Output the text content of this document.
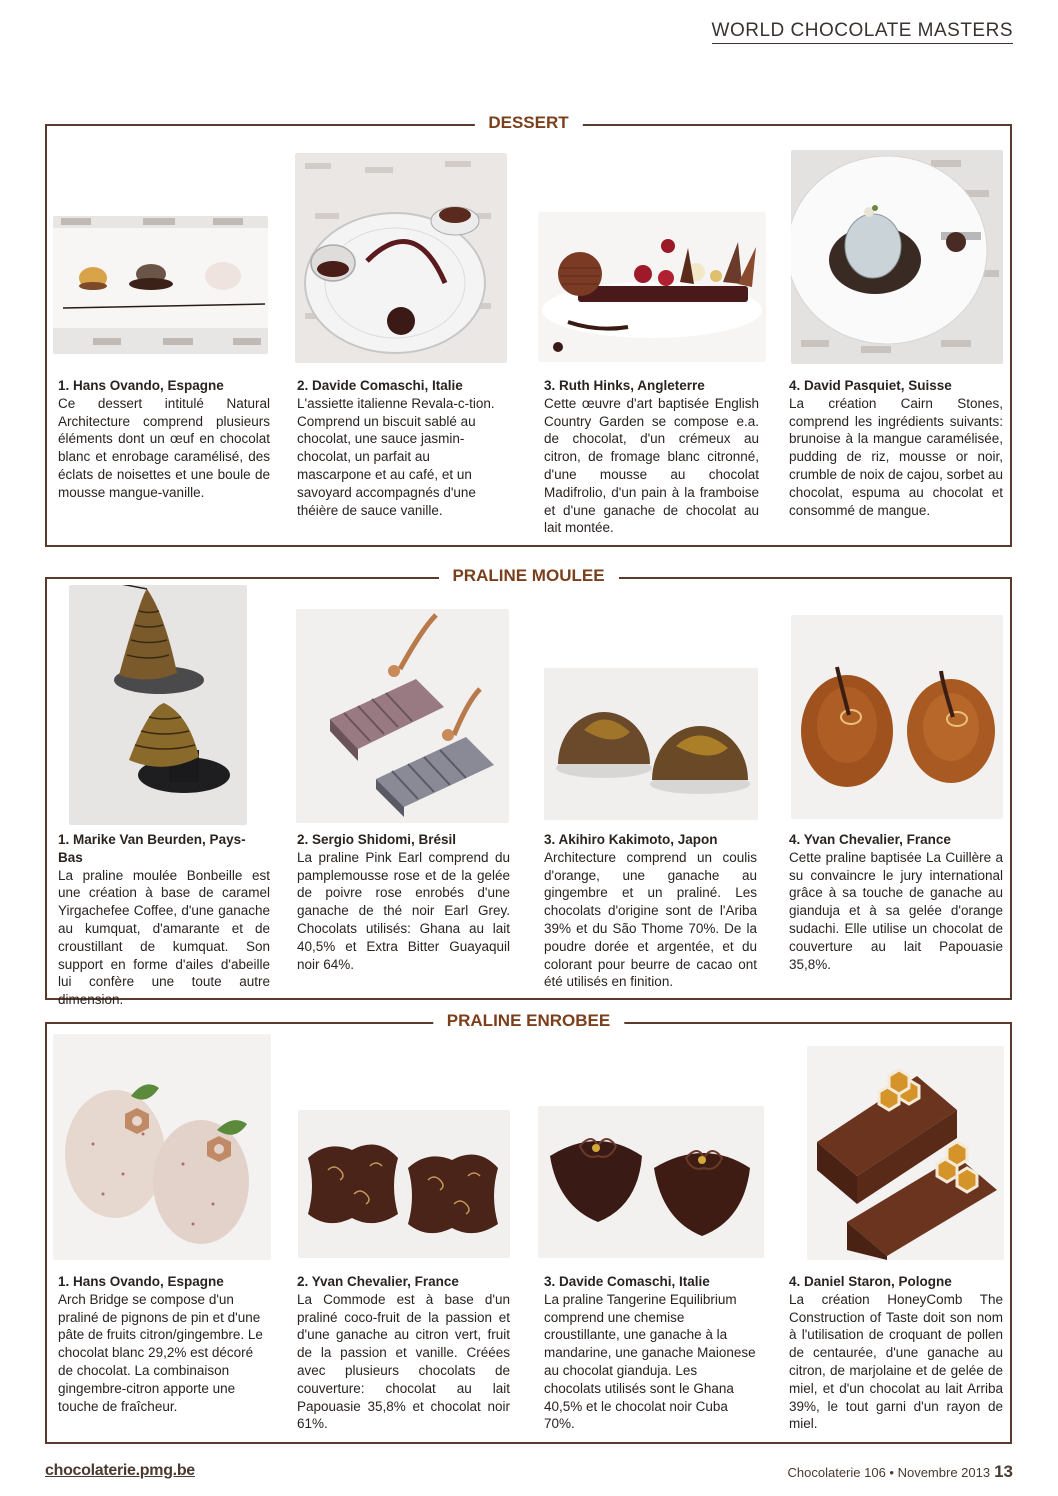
WORLD CHOCOLATE MASTERS
DESSERT
1. Hans Ovando, Espagne
Ce dessert intitulé Natural Architecture comprend plusieurs éléments dont un œuf en chocolat blanc et enrobage caramélisé, des éclats de noisettes et une boule de mousse mangue-vanille.
2. Davide Comaschi, Italie
L'assiette italienne Revala-c-tion. Comprend un biscuit sablé au chocolat, une sauce jasmin-chocolat, un parfait au mascarpone et au café, et un savoyard accompagnés d'une théière de sauce vanille.
3. Ruth Hinks, Angleterre
Cette œuvre d'art baptisée English Country Garden se compose e.a. de chocolat, d'un crémeux au citron, de fromage blanc citronné, d'une mousse au chocolat Madifrolio, d'un pain à la framboise et d'une ganache de chocolat au lait montée.
4. David Pasquiet, Suisse
La création Cairn Stones, comprend les ingrédients suivants: brunoise à la mangue caramélisée, pudding de riz, mousse or noir, crumble de noix de cajou, sorbet au chocolat, espuma au chocolat et consommé de mangue.
PRALINE MOULEE
1. Marike Van Beurden, Pays-Bas
La praline moulée Bonbeille est une création à base de caramel Yirgachefee Coffee, d'une ganache au kumquat, d'amarante et de croustillant de kumquat. Son support en forme d'ailes d'abeille lui confère une toute autre dimension.
2. Sergio Shidomi, Brésil
La praline Pink Earl comprend du pamplemousse rose et de la gelée de poivre rose enrobés d'une ganache de thé noir Earl Grey. Chocolats utilisés: Ghana au lait 40,5% et Extra Bitter Guayaquil noir 64%.
3. Akihiro Kakimoto, Japon
Architecture comprend un coulis d'orange, une ganache au gingembre et un praliné. Les chocolats d'origine sont de l'Ariba 39% et du São Thome 70%. De la poudre dorée et argentée, et du colorant pour beurre de cacao ont été utilisés en finition.
4. Yvan Chevalier, France
Cette praline baptisée La Cuillère a su convaincre le jury international grâce à sa touche de ganache au gianduja et à sa gelée d'orange sudachi. Elle utilise un chocolat de couverture au lait Papouasie 35,8%.
PRALINE ENROBEE
1. Hans Ovando, Espagne
Arch Bridge se compose d'un praliné de pignons de pin et d'une pâte de fruits citron/gingembre. Le chocolat blanc 29,2% est décoré de chocolat. La combinaison gingembre-citron apporte une touche de fraîcheur.
2. Yvan Chevalier, France
La Commode est à base d'un praliné coco-fruit de la passion et d'une ganache au citron vert, fruit de la passion et vanille. Créées avec plusieurs chocolats de couverture: chocolat au lait Papouasie 35,8% et chocolat noir 61%.
3. Davide Comaschi, Italie
La praline Tangerine Equilibrium comprend une chemise croustillante, une ganache à la mandarine, une ganache Maionese au chocolat gianduja. Les chocolats utilisés sont le Ghana 40,5% et le chocolat noir Cuba 70%.
4. Daniel Staron, Pologne
La création HoneyComb The Construction of Taste doit son nom à l'utilisation de croquant de pollen de centaurée, d'une ganache au citron, de marjolaine et de gelée de miel, et d'un chocolat au lait Arriba 39%, le tout garni d'un rayon de miel.
chocolaterie.pmg.be	Chocolaterie 106 • Novembre 2013 13
